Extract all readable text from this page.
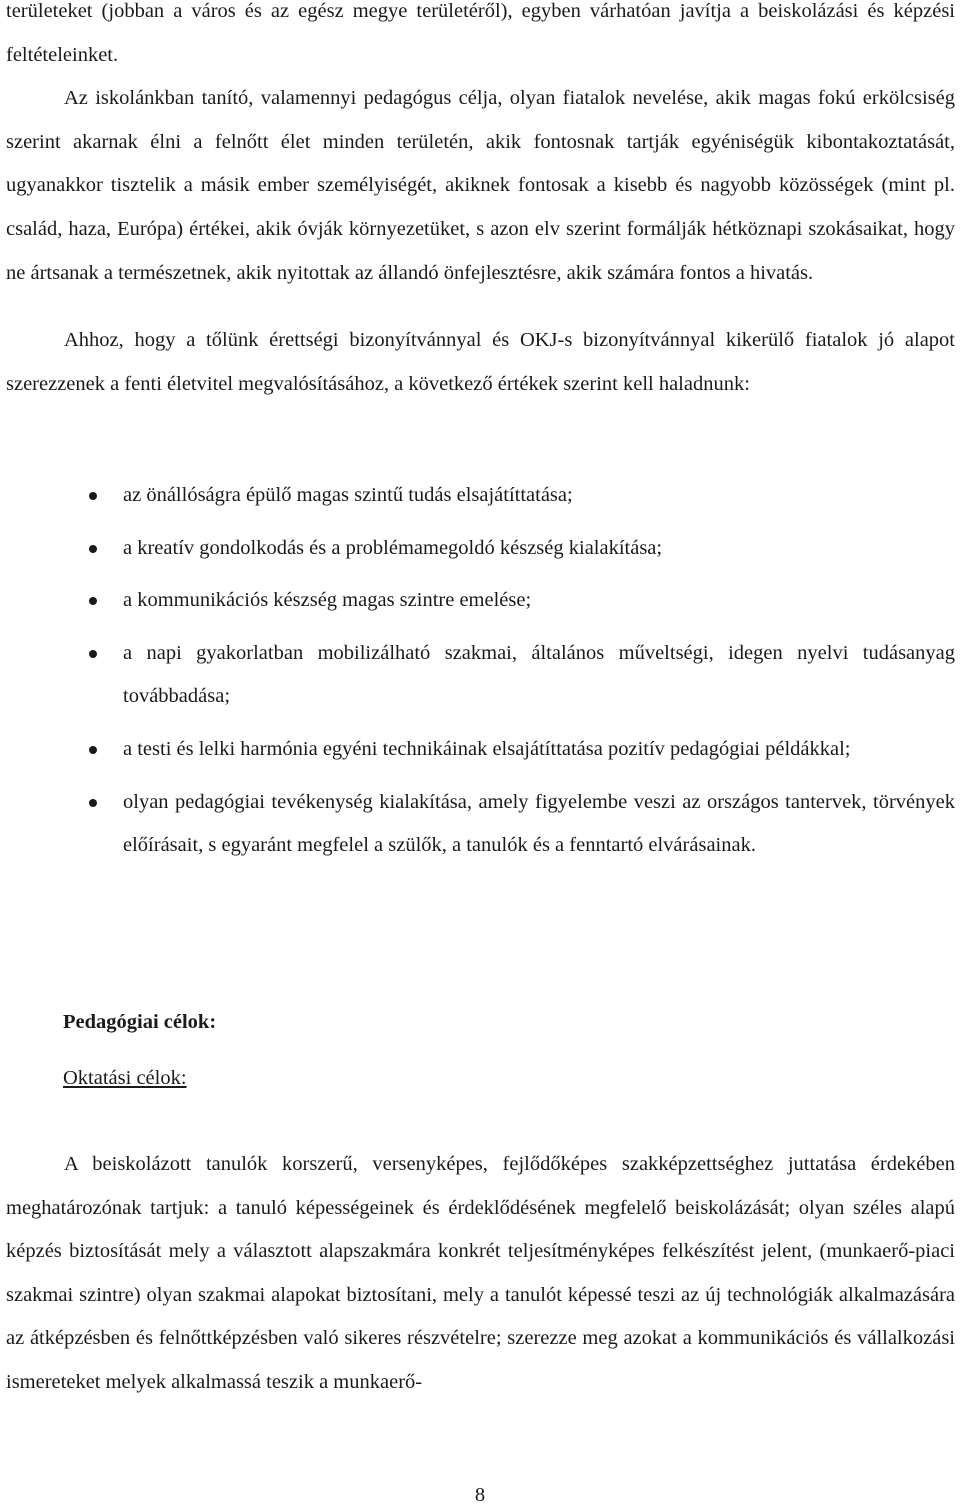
területeket (jobban a város és az egész megye területéről), egyben várhatóan javítja a beiskolázási és képzési feltételeinket.

Az iskolánkban tanító, valamennyi pedagógus célja, olyan fiatalok nevelése, akik magas fokú erkölcsiség szerint akarnak élni a felnőtt élet minden területén, akik fontosnak tartják egyéniségük kibontakoztatását, ugyanakkor tisztelik a másik ember személyiségét, akiknek fontosak a kisebb és nagyobb közösségek (mint pl. család, haza, Európa) értékei, akik óvják környezetüket, s azon elv szerint formálják hétköznapi szokásaikat, hogy ne ártsanak a természetnek, akik nyitottak az állandó önfejlesztésre, akik számára fontos a hivatás.

Ahhoz, hogy a tőlünk érettségi bizonyítvánnyal és OKJ-s bizonyítvánnyal kikerülő fiatalok jó alapot szerezzenek a fenti életvitel megvalósításához, a következő értékek szerint kell haladnunk:

az önállóságra épülő magas szintű tudás elsajátíttatása;
a kreatív gondolkodás és a problémamegoldó készség kialakítása;
a kommunikációs készség magas szintre emelése;
a napi gyakorlatban mobilizálható szakmai, általános műveltségi, idegen nyelvi tudásanyag továbbadása;
a testi és lelki harmónia egyéni technikáinak elsajátíttatása pozitív pedagógiai példákkal;
olyan pedagógiai tevékenység kialakítása, amely figyelembe veszi az országos tantervek, törvények előírásait, s egyaránt megfelel a szülők, a tanulók és a fenntartó elvárásainak.
Pedagógiai célok:
Oktatási célok:

A beiskolázott tanulók korszerű, versenyképes, fejlődőképes szakképzettséghez juttatása érdekében meghatározónak tartjuk: a tanuló képességeinek és érdeklődésének megfelelő beiskolázását; olyan széles alapú képzés biztosítását mely a választott alapszakmára konkrét teljesítményképes felkészítést jelent, (munkaerő-piaci szakmai szintre) olyan szakmai alapokat biztosítani, mely a tanulót képessé teszi az új technológiák alkalmazására az átképzésben és felnőttképzésben való sikeres részvételre; szerezze meg azokat a kommunikációs és vállalkozási ismereteket melyek alkalmassá teszik a munkaerő-

8
